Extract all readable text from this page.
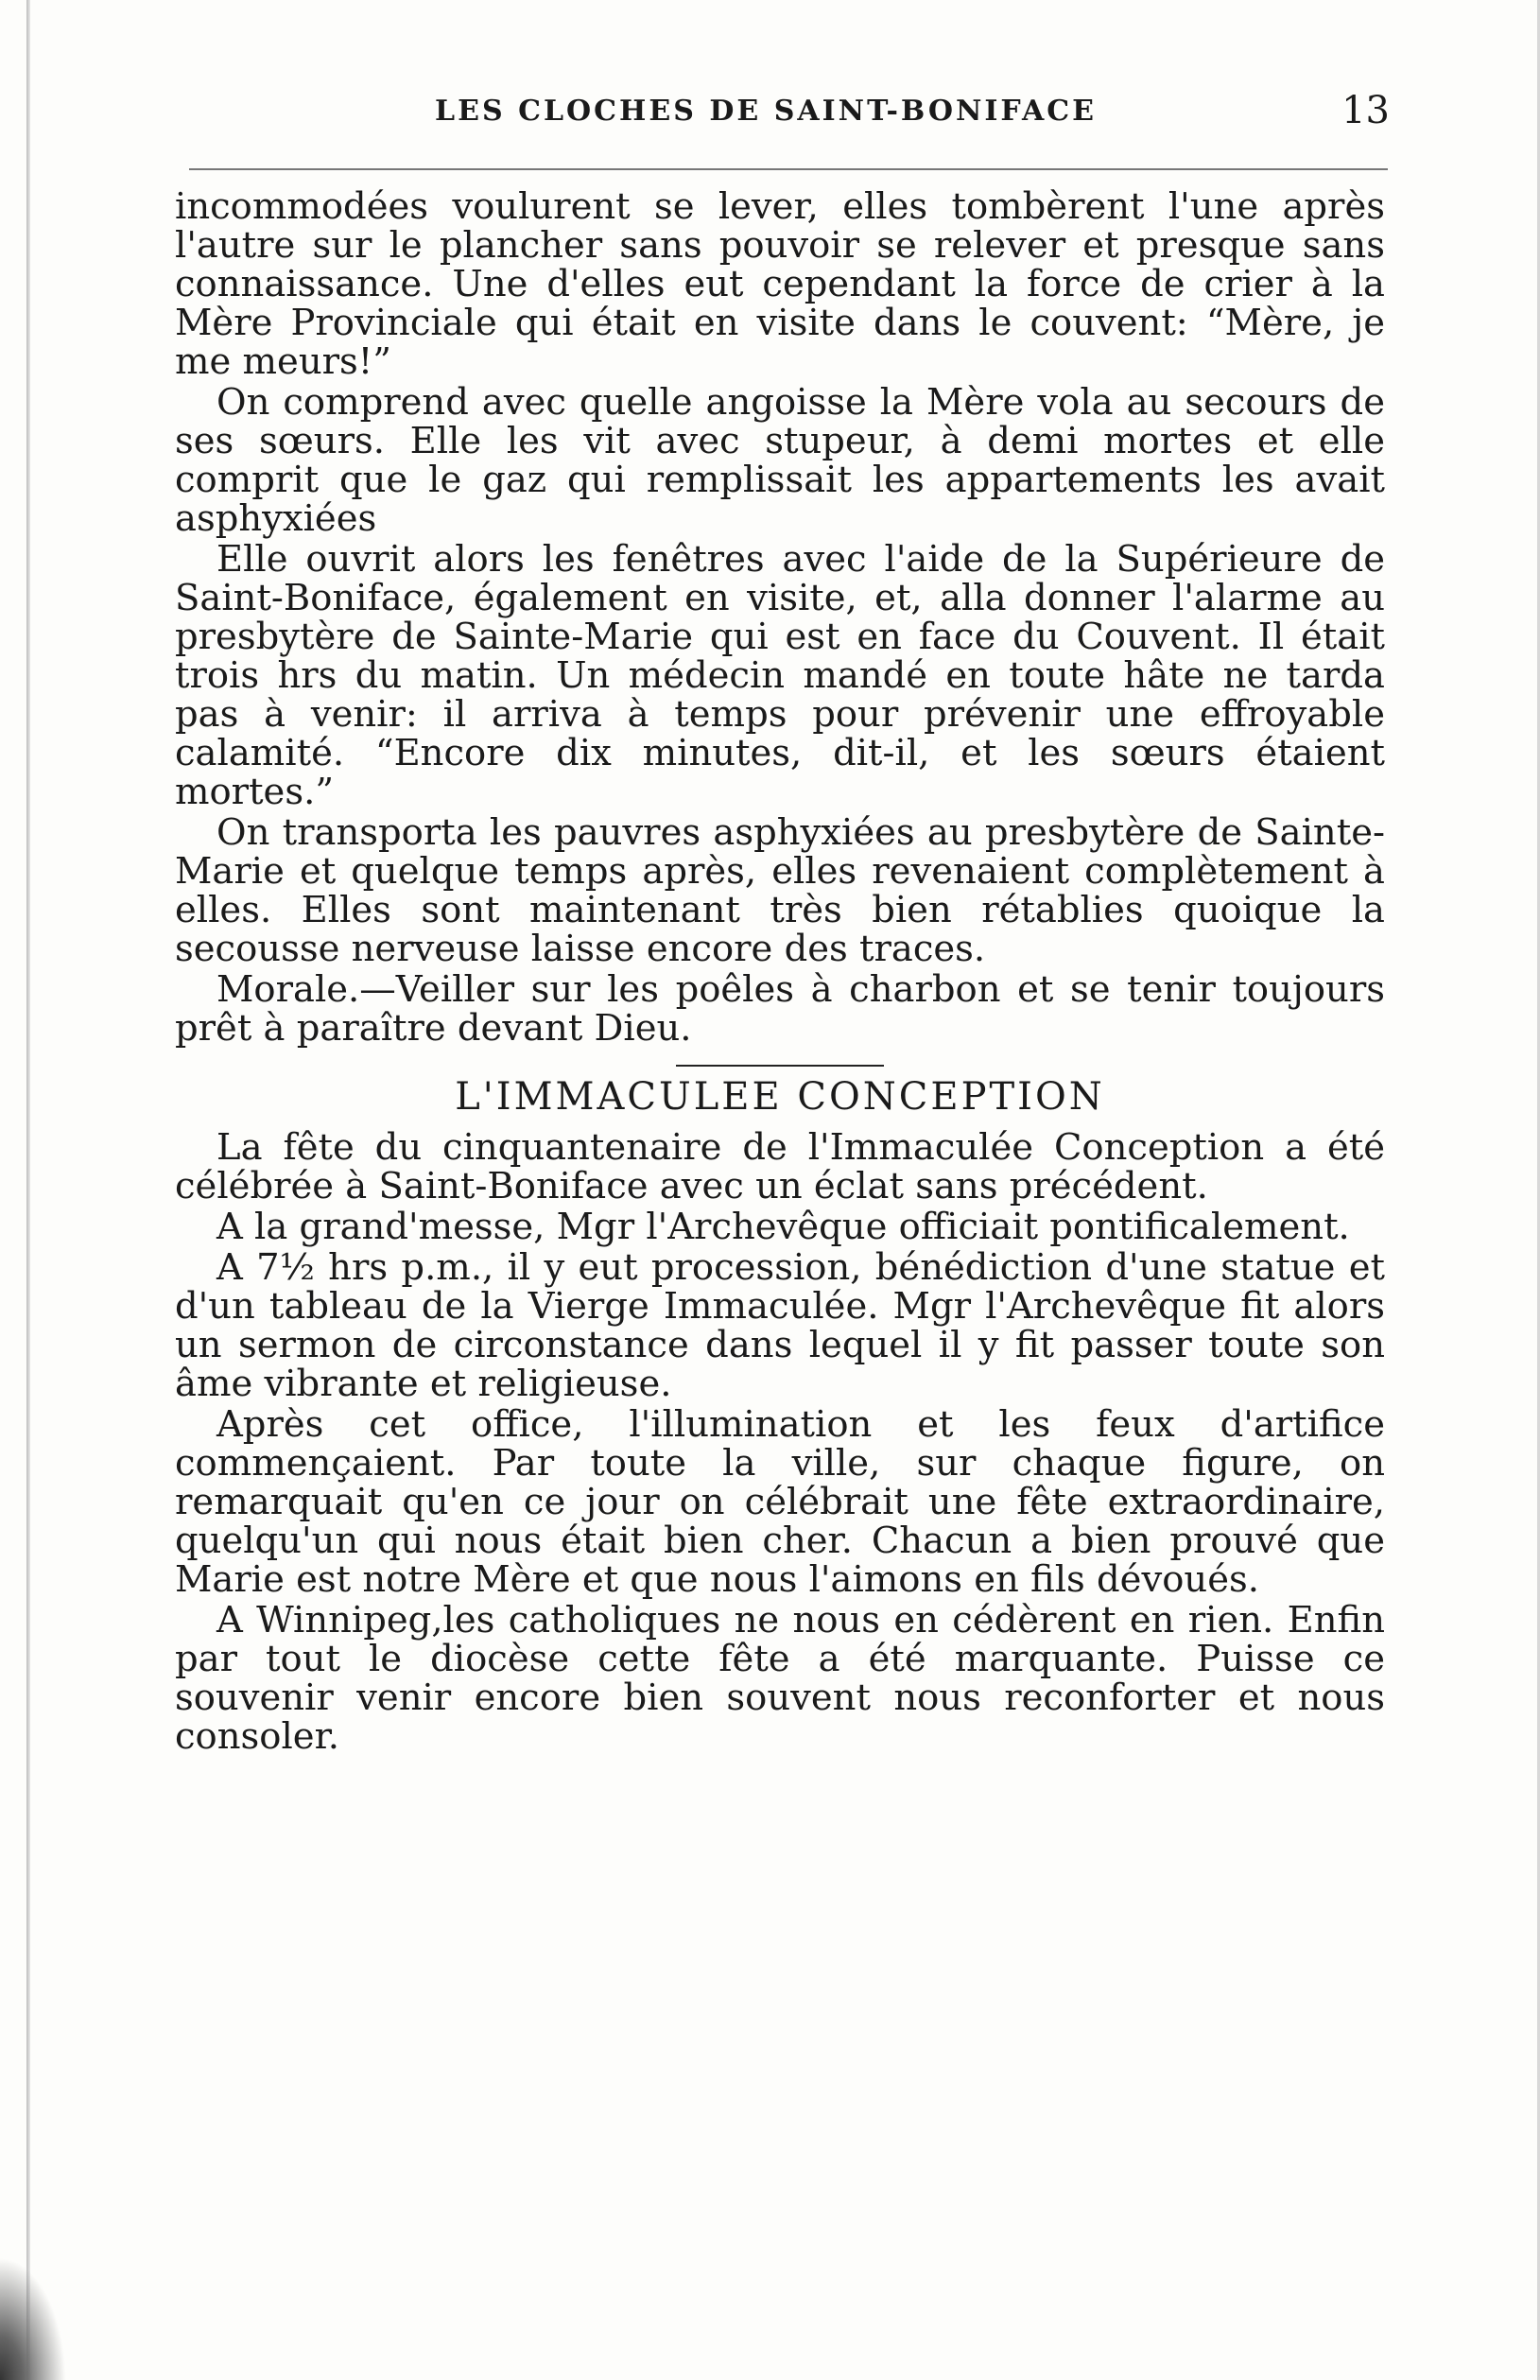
LES CLOCHES DE SAINT-BONIFACE	13

incommodées voulurent se lever, elles tombèrent l'une après l'autre sur le plancher sans pouvoir se relever et presque sans connaissance. Une d'elles eut cependant la force de crier à la Mère Provinciale qui était en visite dans le couvent: “Mère, je me meurs!”

On comprend avec quelle angoisse la Mère vola au secours de ses sœurs. Elle les vit avec stupeur, à demi mortes et elle comprit que le gaz qui remplissait les appartements les avait asphyxiées

Elle ouvrit alors les fenêtres avec l'aide de la Supérieure de Saint-Boniface, également en visite, et, alla donner l'alarme au presbytère de Sainte-Marie qui est en face du Couvent. Il était trois hrs du matin. Un médecin mandé en toute hâte ne tarda pas à venir: il arriva à temps pour prévenir une effroyable calamité. “Encore dix minutes, dit-il, et les sœurs étaient mortes.”

On transporta les pauvres asphyxiées au presbytère de Sainte-Marie et quelque temps après, elles revenaient complètement à elles. Elles sont maintenant très bien rétablies quoique la secousse nerveuse laisse encore des traces.

Morale.—Veiller sur les poêles à charbon et se tenir toujours prêt à paraître devant Dieu.

L'IMMACULEE CONCEPTION

La fête du cinquantenaire de l'Immaculée Conception a été célébrée à Saint-Boniface avec un éclat sans précédent.

A la grand'messe, Mgr l'Archevêque officiait pontificalement.

A 7½ hrs p.m., il y eut procession, bénédiction d'une statue et d'un tableau de la Vierge Immaculée. Mgr l'Archevêque fit alors un sermon de circonstance dans lequel il y fit passer toute son âme vibrante et religieuse.

Après cet office, l'illumination et les feux d'artifice commençaient. Par toute la ville, sur chaque figure, on remarquait qu'en ce jour on célébrait une fête extraordinaire, quelqu'un qui nous était bien cher. Chacun a bien prouvé que Marie est notre Mère et que nous l'aimons en fils dévoués.

A Winnipeg,les catholiques ne nous en cédèrent en rien. Enfin par tout le diocèse cette fête a été marquante. Puisse ce souvenir venir encore bien souvent nous reconforter et nous consoler.
